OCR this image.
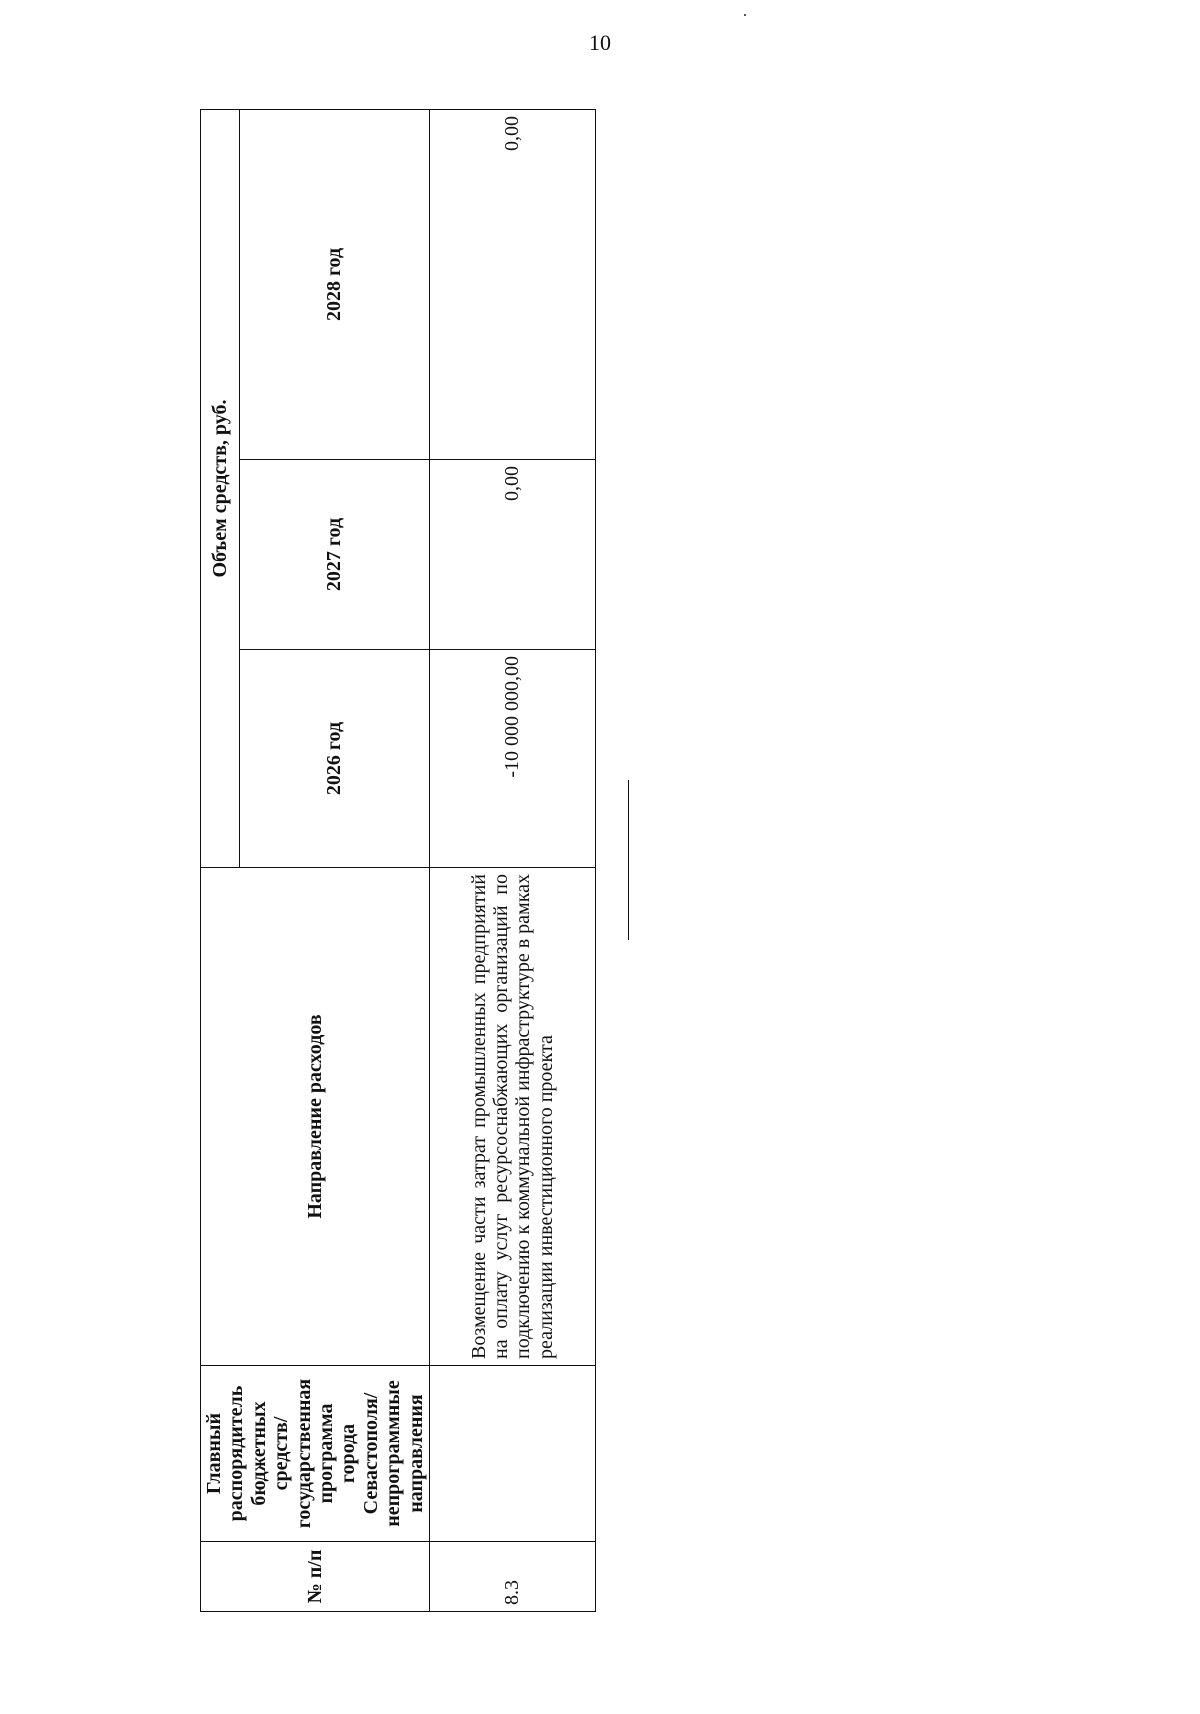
10
№ п/п	Главный распорядитель бюджетных средств/государственная программа города Севастополя/непрограммные направления	Направление расходов	Объем средств, руб.		
			2026 год	2027 год	2028 год
8.3		Возмещение части затрат промышленных предприятий на оплату услуг ресурсоснабжающих организаций по подключению к коммунальной инфраструктуре в рамках реализации инвестиционного проекта	-10 000 000,00	0,00	0,00
